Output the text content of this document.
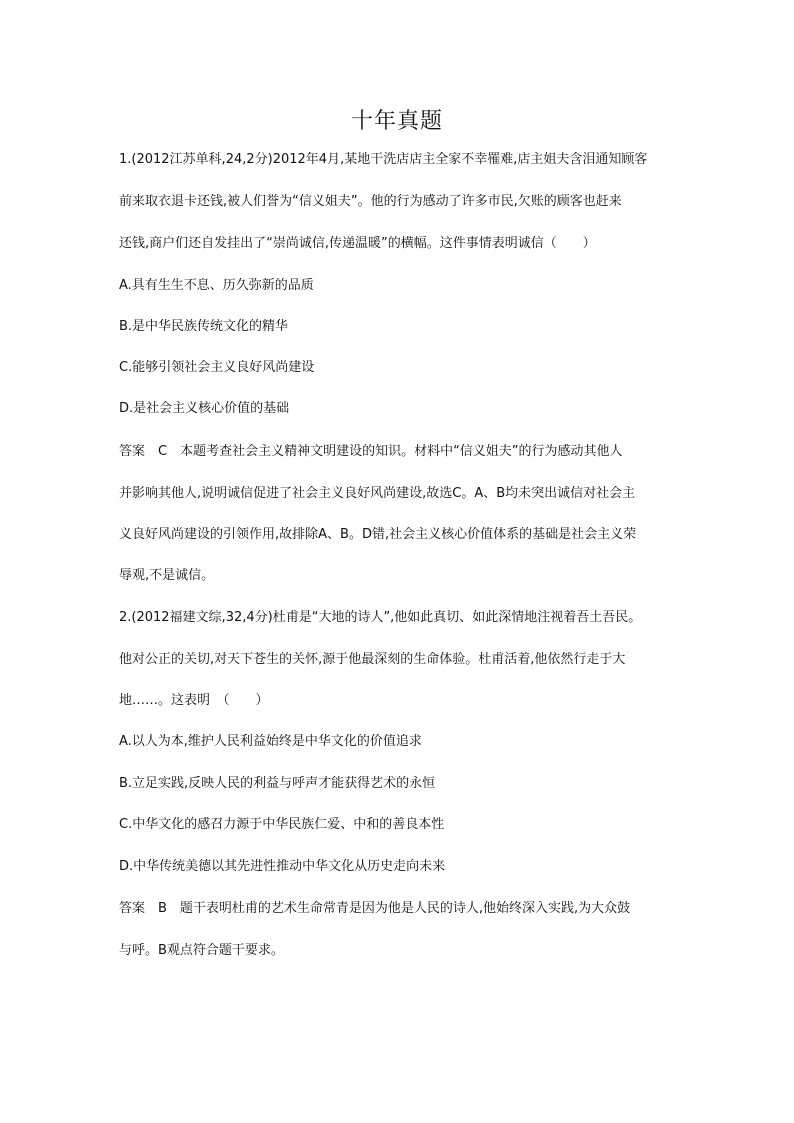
十年真题
1.(2012江苏单科,24,2分)2012年4月,某地干洗店店主全家不幸罹难,店主姐夫含泪通知顾客
前来取衣退卡还钱,被人们誉为“信义姐夫”。他的行为感动了许多市民,欠账的顾客也赶来
还钱,商户们还自发挂出了“崇尚诚信,传递温暖”的横幅。这件事情表明诚信（　　）
A.具有生生不息、历久弥新的品质
B.是中华民族传统文化的精华
C.能够引领社会主义良好风尚建设
D.是社会主义核心价值的基础
答案　C　本题考查社会主义精神文明建设的知识。材料中“信义姐夫”的行为感动其他人
并影响其他人,说明诚信促进了社会主义良好风尚建设,故选C。A、B均未突出诚信对社会主
义良好风尚建设的引领作用,故排除A、B。D错,社会主义核心价值体系的基础是社会主义荣
辱观,不是诚信。
2.(2012福建文综,32,4分)杜甫是“大地的诗人”,他如此真切、如此深情地注视着吾土吾民。
他对公正的关切,对天下苍生的关怀,源于他最深刻的生命体验。杜甫活着,他依然行走于大
地……。这表明　（　　）
A.以人为本,维护人民利益始终是中华文化的价值追求
B.立足实践,反映人民的利益与呼声才能获得艺术的永恒
C.中华文化的感召力源于中华民族仁爱、中和的善良本性
D.中华传统美德以其先进性推动中华文化从历史走向未来
答案　B　题干表明杜甫的艺术生命常青是因为他是人民的诗人,他始终深入实践,为大众鼓
与呼。B观点符合题干要求。
